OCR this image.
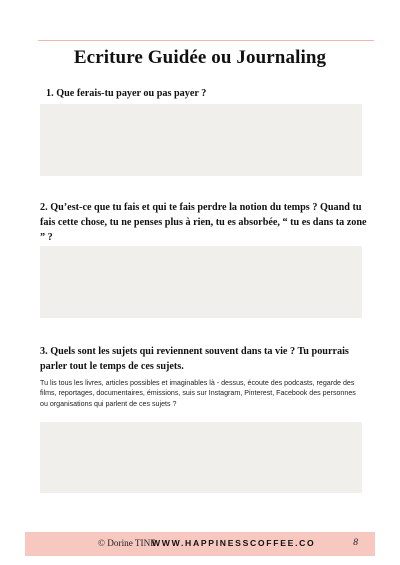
Ecriture Guidée ou Journaling

1. Que ferais-tu payer ou pas payer ?

2. Qu’est-ce que tu fais et qui te fais perdre la notion du temps ? Quand tu fais cette chose, tu ne penses plus à rien, tu es absorbée, “ tu es dans ta zone ” ?

3. Quels sont les sujets qui reviennent souvent dans ta vie ? Tu pourrais parler tout le temps de ces sujets.

Tu lis tous les livres, articles possibles et imaginables là - dessus, écoute des podcasts, regarde des films, reportages, documentaires, émissions, suis sur Instagram, Pinterest, Facebook des personnes ou organisations qui parlent de ces sujets ?

© Dorine TINE
WWW.HAPPINESSCOFFEE.CO	8
